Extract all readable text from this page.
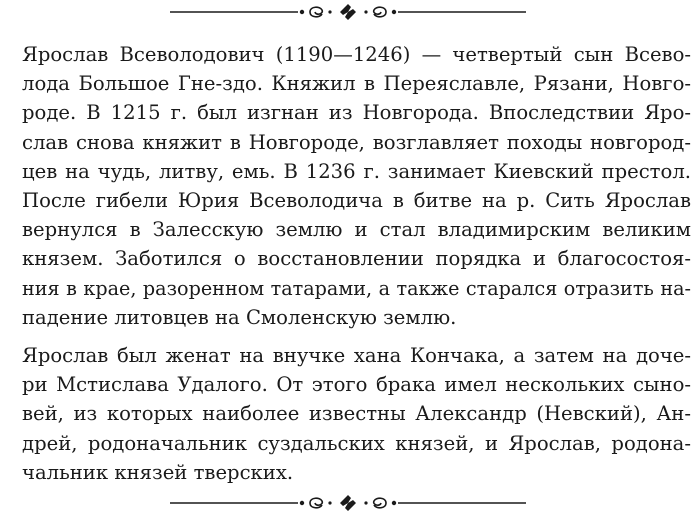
Ярослав Всеволодович (1190—1246) — четвертый сын Всево-
лода Большое Гне-здо. Княжил в Переяславле, Рязани, Новго-
роде. В 1215 г. был изгнан из Новгорода. Впоследствии Яро-
слав снова княжит в Новгороде, возглавляет походы новгород-
цев на чудь, литву, емь. В 1236 г. занимает Киевский престол.
После гибели Юрия Всеволодича в битве на р. Сить Ярослав
вернулся в Залесскую землю и стал владимирским великим
князем. Заботился о восстановлении порядка и благосостоя-
ния в крае, разоренном татарами, а также старался отразить на-
падение литовцев на Смоленскую землю.

Ярослав был женат на внучке хана Кончака, а затем на доче-
ри Мстислава Удалого. От этого брака имел нескольких сыно-
вей, из которых наиболее известны Александр (Невский), Ан-
дрей, родоначальник суздальских князей, и Ярослав, родона-
чальник князей тверских.
